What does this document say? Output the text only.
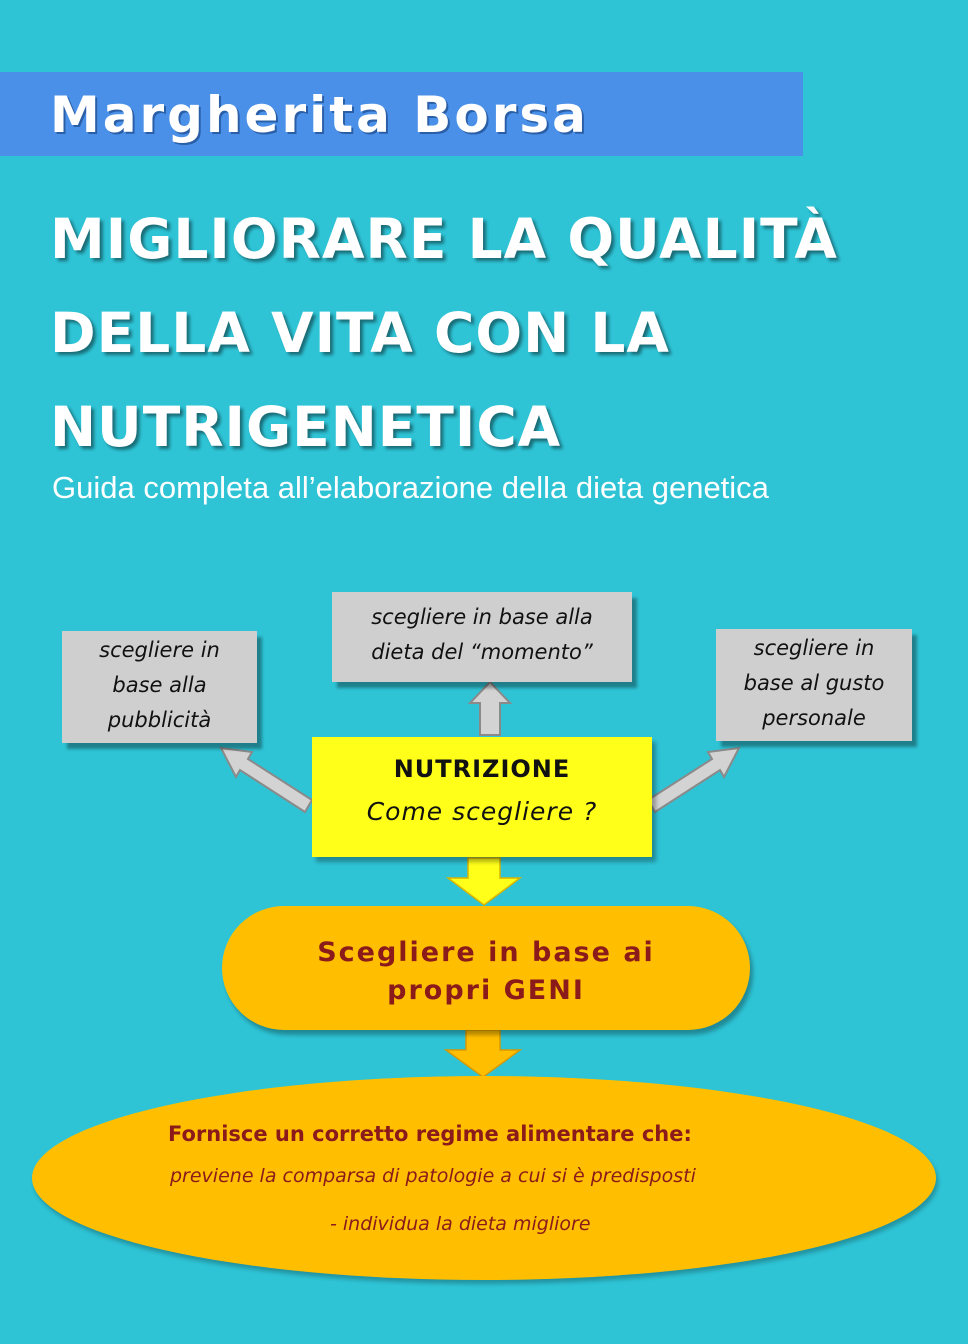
Margherita Borsa
MIGLIORARE LA QUALITÀ
DELLA VITA CON LA
NUTRIGENETICA
Guida completa all’elaborazione della dieta genetica
scegliere in
base alla
pubblicità
scegliere in base alla
dieta del “momento”	scegliere in
base al gusto
personale
NUTRIZIONE
Come scegliere ?
Scegliere in base ai
propri GENI
Fornisce un corretto regime alimentare che:
previene la comparsa di patologie a cui si è predisposti
- individua la dieta migliore
